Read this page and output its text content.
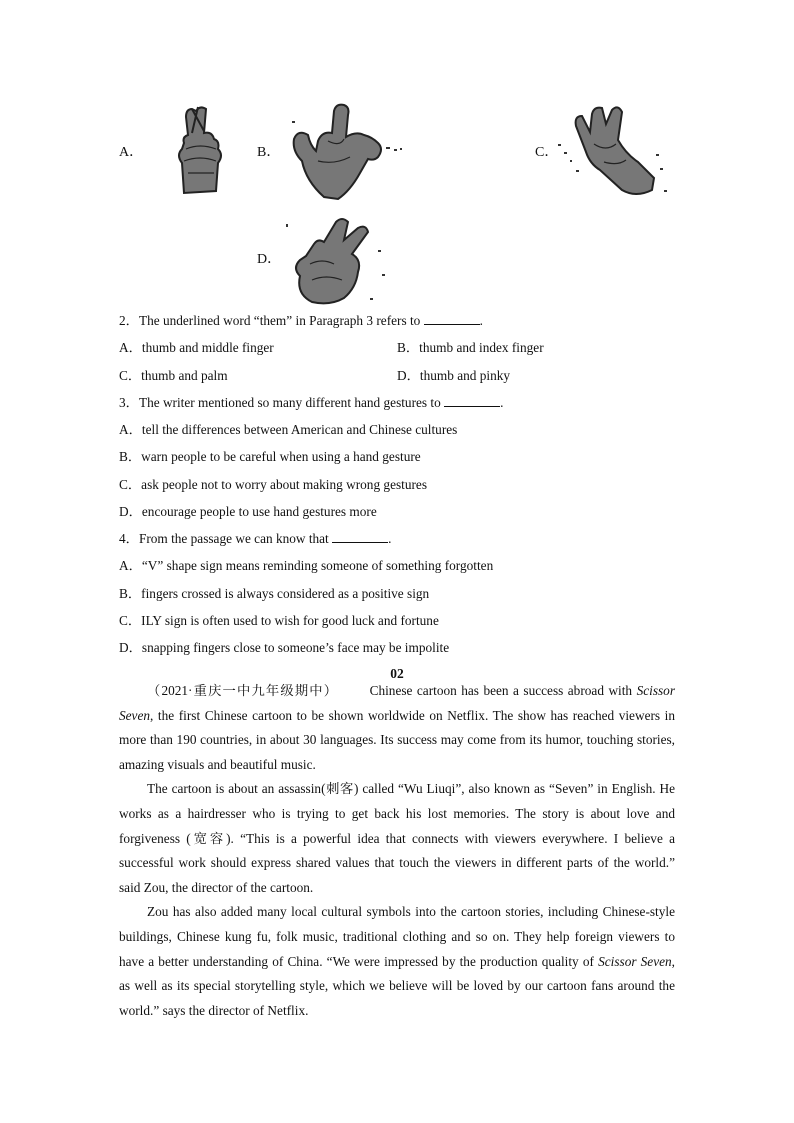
A．	B．	C．
D．
2．The underlined word “them” in Paragraph 3 refers to	.
A．thumb and middle finger	B．thumb and index finger
C．thumb and palm	D．thumb and pinky
3．The writer mentioned so many different hand gestures to	.
A．tell the differences between American and Chinese cultures
B．warn people to be careful when using a hand gesture
C．ask people not to worry about making wrong gestures
D．encourage people to use hand gestures more
4．From the passage we can know that	.
A．“V” shape sign means reminding someone of something forgotten
B．fingers crossed is always considered as a positive sign
C．ILY sign is often used to wish for good luck and fortune
D．snapping fingers close to someone’s face may be impolite
02

（2021·重庆一中九年级期中） Chinese cartoon has been a success abroad with Scissor Seven, the first Chinese cartoon to be shown worldwide on Netflix. The show has reached viewers in more than 190 countries, in about 30 languages. Its success may come from its humor, touching stories, amazing visuals and beautiful music.

The cartoon is about an assassin(刺客) called “Wu Liuqi”, also known as “Seven” in English. He works as a hairdresser who is trying to get back his lost memories. The story is about love and forgiveness (宽容). “This is a powerful idea that connects with viewers everywhere. I believe a successful work should express shared values that touch the viewers in different parts of the world.” said Zou, the director of the cartoon.

Zou has also added many local cultural symbols into the cartoon stories, including Chinese-style buildings, Chinese kung fu, folk music, traditional clothing and so on. They help foreign viewers to have a better understanding of China. “We were impressed by the production quality of Scissor Seven, as well as its special storytelling style, which we believe will be loved by our cartoon fans around the world.” says the director of Netflix.
